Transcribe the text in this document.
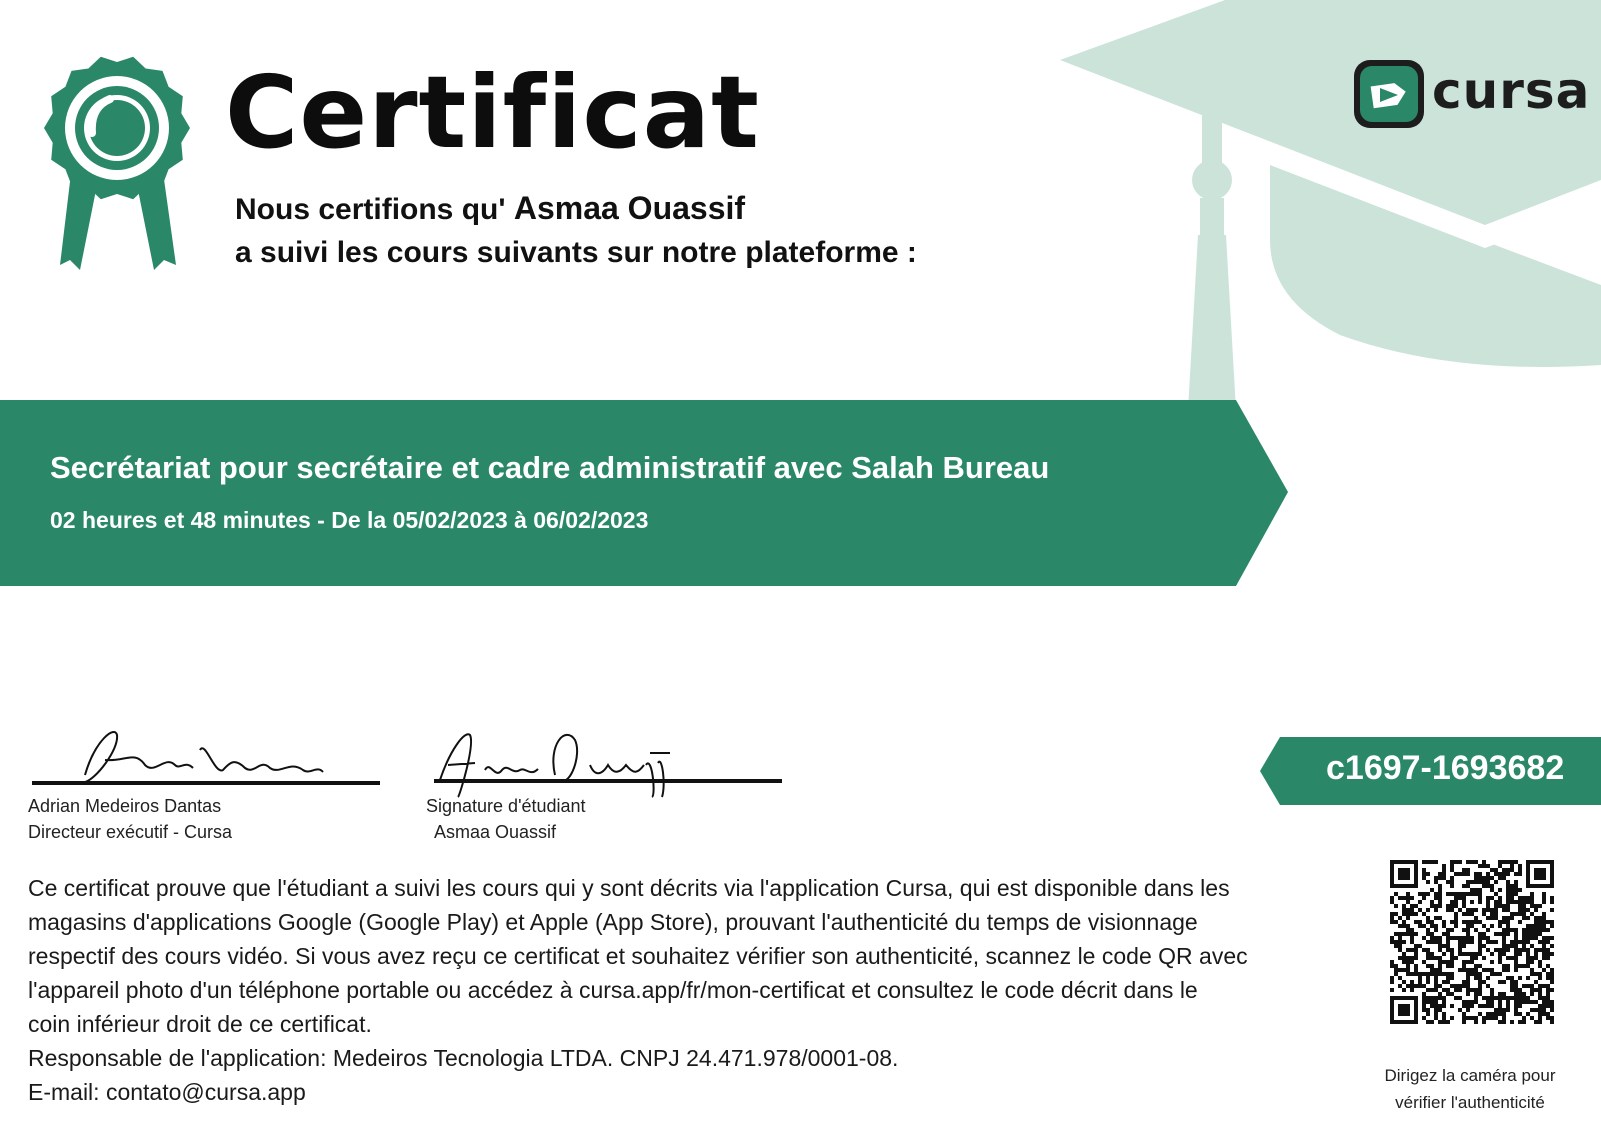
Certificat
Nous certifions qu' Asmaa Ouassif
a suivi les cours suivants sur notre plateforme :
cursa
Secrétariat pour secrétaire et cadre administratif avec Salah Bureau
02 heures et 48 minutes - De la 05/02/2023 à 06/02/2023
Adrian Medeiros Dantas
Directeur exécutif - Cursa
Signature d'étudiant
Asmaa Ouassif
c1697-1693682
Ce certificat prouve que l'étudiant a suivi les cours qui y sont décrits via l'application Cursa, qui est disponible dans les
magasins d'applications Google (Google Play) et Apple (App Store), prouvant l'authenticité du temps de visionnage
respectif des cours vidéo. Si vous avez reçu ce certificat et souhaitez vérifier son authenticité, scannez le code QR avec
l'appareil photo d'un téléphone portable ou accédez à cursa.app/fr/mon-certificat et consultez le code décrit dans le
coin inférieur droit de ce certificat.
Responsable de l'application: Medeiros Tecnologia LTDA. CNPJ 24.471.978/0001-08.
E-mail: contato@cursa.app
Dirigez la caméra pour
vérifier l'authenticité
